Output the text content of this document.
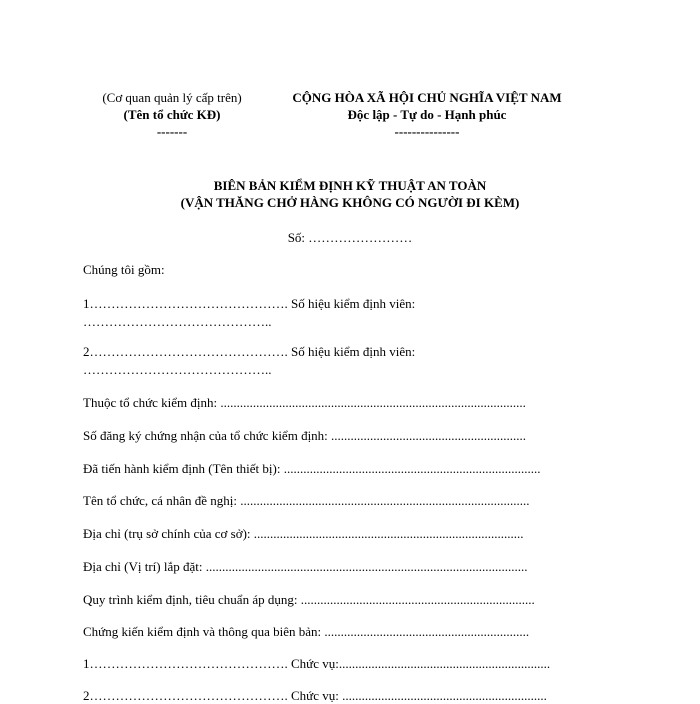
(Cơ quan quản lý cấp trên)
(Tên tổ chức KĐ)
-------
CỘNG HÒA XÃ HỘI CHỦ NGHĨA VIỆT NAM
Độc lập - Tự do - Hạnh phúc
---------------
BIÊN BẢN KIỂM ĐỊNH KỸ THUẬT AN TOÀN
(VẬN THĂNG CHỞ HÀNG KHÔNG CÓ NGƯỜI ĐI KÈM)
Số: ……………………
Chúng tôi gồm:
1………………………………………. Số hiệu kiểm định viên:
……………………………………..
2………………………………………. Số hiệu kiểm định viên:
……………………………………..
Thuộc tổ chức kiểm định: ..............................................................................................
Số đăng ký chứng nhận của tổ chức kiểm định: ............................................................
Đã tiến hành kiểm định (Tên thiết bị): ...............................................................................
Tên tổ chức, cá nhân đề nghị: .........................................................................................
Địa chỉ (trụ sở chính của cơ sở): ...................................................................................
Địa chỉ (Vị trí) lắp đặt: ...................................................................................................
Quy trình kiểm định, tiêu chuẩn áp dụng: ........................................................................
Chứng kiến kiểm định và thông qua biên bản: ...............................................................
1………………………………………. Chức vụ:.................................................................
2………………………………………. Chức vụ: ...............................................................
